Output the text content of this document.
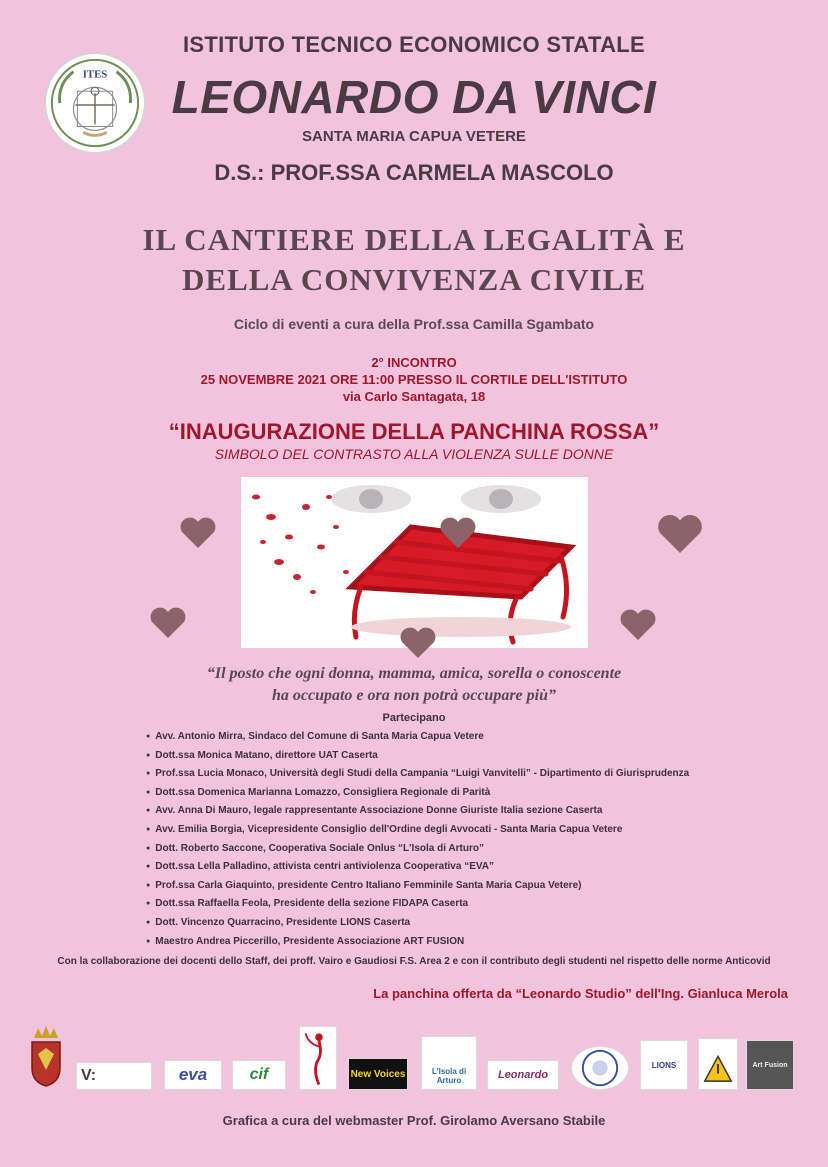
ITES
ISTITUTO TECNICO ECONOMICO STATALE
LEONARDO DA VINCI
SANTA MARIA CAPUA VETERE
D.S.: PROF.SSA CARMELA MASCOLO
IL CANTIERE DELLA LEGALITÀ E
DELLA CONVIVENZA CIVILE
Ciclo di eventi a cura della Prof.ssa Camilla Sgambato
2° INCONTRO
25 NOVEMBRE 2021 ORE 11:00 PRESSO IL CORTILE DELL'ISTITUTO
via Carlo Santagata, 18
“INAUGURAZIONE DELLA PANCHINA ROSSA”
SIMBOLO DEL CONTRASTO ALLA VIOLENZA SULLE DONNE
“Il posto che ogni donna, mamma, amica, sorella o conoscente
ha occupato e ora non potrà occupare più”
Partecipano
● Avv. Antonio Mirra, Sindaco del Comune di Santa Maria Capua Vetere
● Dott.ssa Monica Matano, direttore UAT Caserta
● Prof.ssa Lucia Monaco, Università degli Studi della Campania “Luigi Vanvitelli” - Dipartimento di Giurisprudenza
● Dott.ssa Domenica Marianna Lomazzo, Consigliera Regionale di Parità
● Avv. Anna Di Mauro, legale rappresentante Associazione Donne Giuriste Italia sezione Caserta
● Avv. Emilia Borgia, Vicepresidente Consiglio dell'Ordine degli Avvocati - Santa Maria Capua Vetere
● Dott. Roberto Saccone, Cooperativa Sociale Onlus “L'Isola di Arturo”
● Dott.ssa Lella Palladino, attivista centri antiviolenza Cooperativa “EVA”
● Prof.ssa Carla Giaquinto, presidente Centro Italiano Femminile Santa Maria Capua Vetere)
● Dott.ssa Raffaella Feola, Presidente della sezione FIDAPA Caserta
● Dott. Vincenzo Quarracino, Presidente LIONS Caserta
● Maestro Andrea Piccerillo, Presidente Associazione ART FUSION
Con la collaborazione dei docenti dello Staff, dei proff. Vairo e Gaudiosi F.S. Area 2 e con il contributo degli studenti nel rispetto delle norme Anticovid
La panchina offerta da “Leonardo Studio” dell'Ing. Gianluca Merola
V:	eva	cif	New Voices	L'Isola di Arturo	Leonardo
LIONS	Art Fusion
Grafica a cura del webmaster Prof. Girolamo Aversano Stabile
